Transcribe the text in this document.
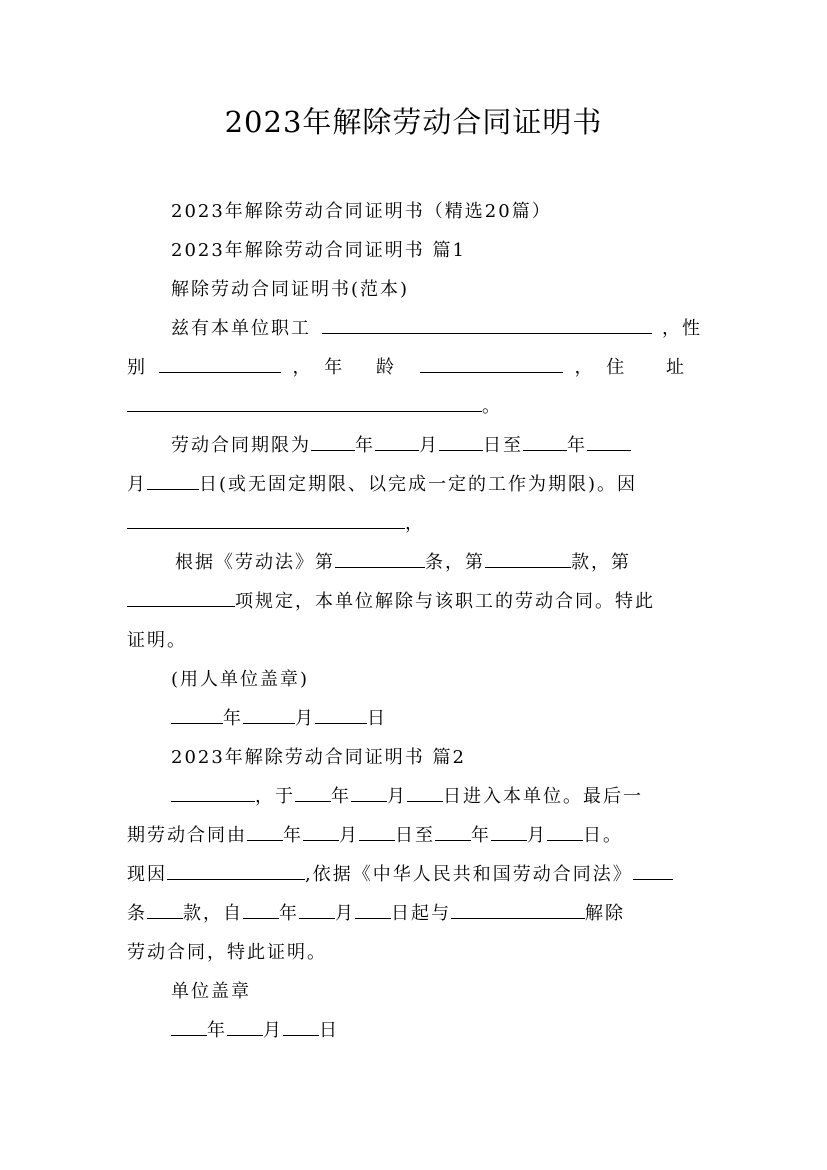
2023年解除劳动合同证明书
2023年解除劳动合同证明书（精选20篇）
2023年解除劳动合同证明书 篇1
解除劳动合同证明书(范本)
兹有本单位职工	，性
别	， 年 龄	， 住 址
。
劳动合同期限为 年 月 日至 年
月	日(或无固定期限、以完成一定的工作为期限)。因
，
根据《劳动法》第	条，第	款，第
项规定，本单位解除与该职工的劳动合同。特此
证明。
(用人单位盖章)
年	月	日
2023年解除劳动合同证明书 篇2
，于 年 月 日进入本单位。最后一
期劳动合同由 年 月 日至 年 月 日。
现因	,依据《中华人民共和国劳动合同法》
条 款，自 年 月 日起与	解除
劳动合同，特此证明。
单位盖章
年 月 日
